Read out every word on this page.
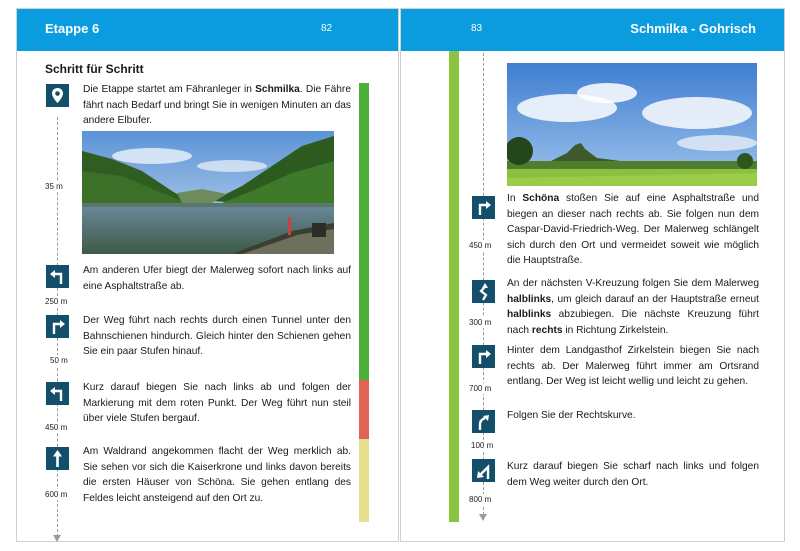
Etappe 6	82
Schritt für Schritt
Die Etappe startet am Fähranleger in Schmilka. Die Fähre fährt nach Bedarf und bringt Sie in wenigen Minuten an das andere Elbufer.
35 m
250 m
Am anderen Ufer biegt der Malerweg sofort nach links auf eine Asphaltstraße ab.
50 m
Der Weg führt nach rechts durch einen Tunnel unter den Bahnschienen hindurch. Gleich hinter den Schienen gehen Sie ein paar Stufen hinauf.
450 m
Kurz darauf biegen Sie nach links ab und folgen der Markierung mit dem roten Punkt. Der Weg führt nun steil über viele Stufen bergauf.
600 m
Am Waldrand angekommen flacht der Weg merklich ab. Sie sehen vor sich die Kaiserkrone und links davon bereits die ersten Häuser von Schöna. Sie gehen entlang des Feldes leicht ansteigend auf den Ort zu.
83	Schmilka - Gohrisch
450 m
In Schöna stoßen Sie auf eine Asphaltstraße und biegen an dieser nach rechts ab. Sie folgen nun dem Caspar-David-Friedrich-Weg. Der Malerweg schlängelt sich durch den Ort und vermeidet soweit wie möglich die Hauptstraße.
300 m
An der nächsten V-Kreuzung folgen Sie dem Malerweg halblinks, um gleich darauf an der Hauptstraße erneut halblinks abzubiegen. Die nächste Kreuzung führt nach rechts in Richtung Zirkelstein.
700 m
Hinter dem Landgasthof Zirkelstein biegen Sie nach rechts ab. Der Malerweg führt immer am Ortsrand entlang. Der Weg ist leicht wellig und leicht zu gehen.
100 m
Folgen Sie der Rechtskurve.
800 m
Kurz darauf biegen Sie scharf nach links und folgen dem Weg weiter durch den Ort.
